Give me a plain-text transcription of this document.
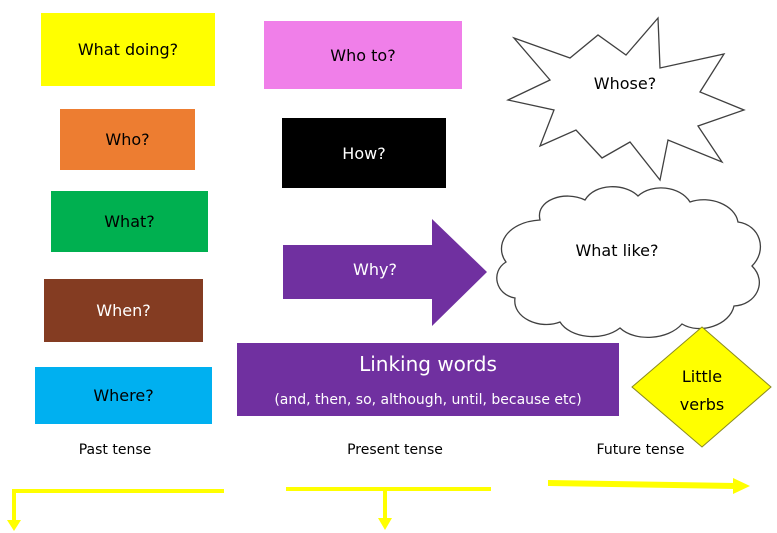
What doing?
Who?
What?
When?
Where?
Who to?
How?
Why?
Whose?
What like?
Little
verbs
Linking words
(and, then, so, although, until, because etc)
Past tense	Present tense	Future tense
